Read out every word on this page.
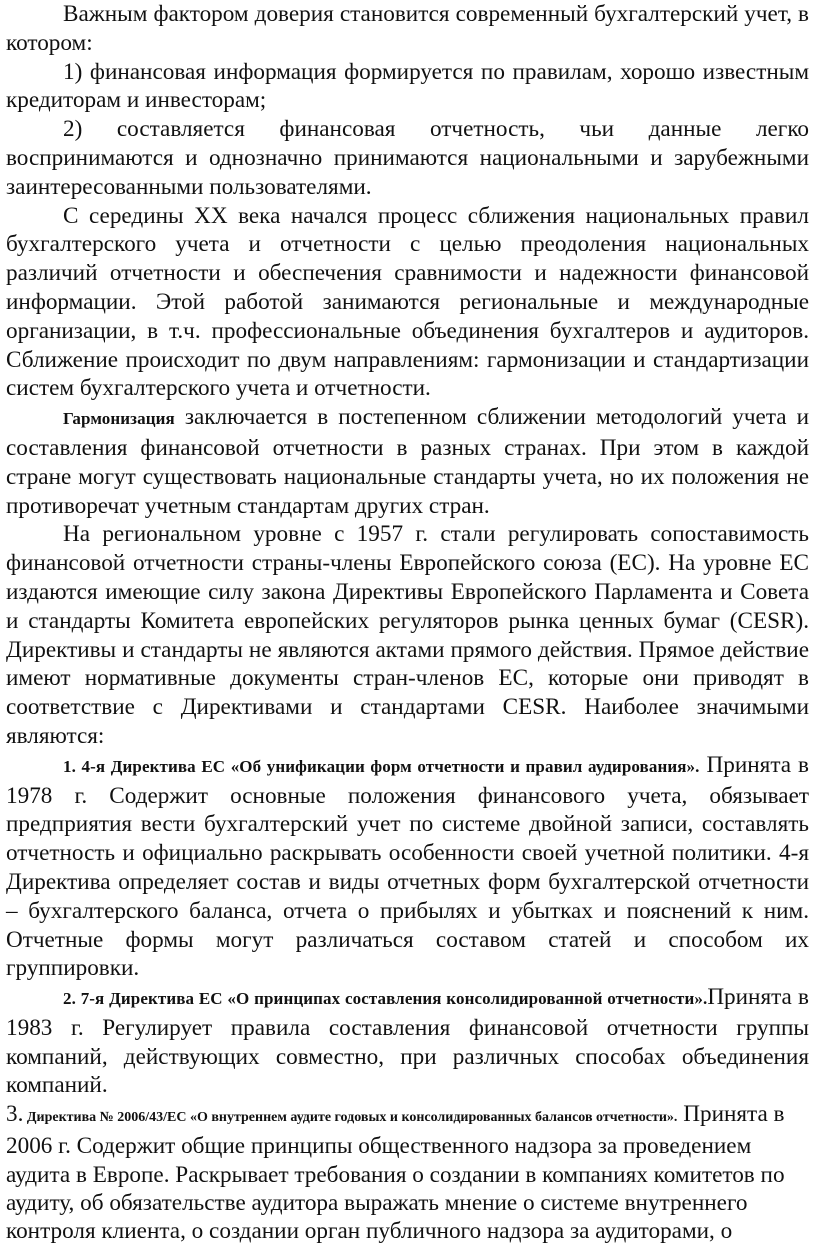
Важным фактором доверия становится современный бухгалтерский учет, в котором:

1) финансовая информация формируется по правилам, хорошо известным кредиторам и инвесторам;

2) составляется финансовая отчетность, чьи данные легко воспринимаются и однозначно принимаются национальными и зарубежными заинтересованными пользователями.

С середины XX века начался процесс сближения национальных правил бухгалтерского учета и отчетности с целью преодоления национальных различий отчетности и обеспечения сравнимости и надежности финансовой информации. Этой работой занимаются региональные и международные организации, в т.ч. профессиональные объединения бухгалтеров и аудиторов. Сближение происходит по двум направлениям: гармонизации и стандартизации систем бухгалтерского учета и отчетности.

Гармонизация заключается в постепенном сближении методологий учета и составления финансовой отчетности в разных странах. При этом в каждой стране могут существовать национальные стандарты учета, но их положения не противоречат учетным стандартам других стран.

На региональном уровне с 1957 г. стали регулировать сопоставимость финансовой отчетности страны-члены Европейского союза (ЕС). На уровне ЕС издаются имеющие силу закона Директивы Европейского Парламента и Совета и стандарты Комитета европейских регуляторов рынка ценных бумаг (CESR). Директивы и стандарты не являются актами прямого действия. Прямое действие имеют нормативные документы стран-членов ЕС, которые они приводят в соответствие с Директивами и стандартами CESR. Наиболее значимыми являются:

1. 4-я Директива ЕС «Об унификации форм отчетности и правил аудирования». Принята в 1978 г. Содержит основные положения финансового учета, обязывает предприятия вести бухгалтерский учет по системе двойной записи, составлять отчетность и официально раскрывать особенности своей учетной политики. 4-я Директива определяет состав и виды отчетных форм бухгалтерской отчетности – бухгалтерского баланса, отчета о прибылях и убытках и пояснений к ним. Отчетные формы могут различаться составом статей и способом их группировки.

2. 7-я Директива ЕС «О принципах составления консолидированной отчетности».Принята в 1983 г. Регулирует правила составления финансовой отчетности группы компаний, действующих совместно, при различных способах объединения компаний.

3. Директива № 2006/43/ЕС «О внутреннем аудите годовых и консолидированных балансов отчетности». Принята в 2006 г. Содержит общие принципы общественного надзора за проведением аудита в Европе. Раскрывает требования о создании в компаниях комитетов по аудиту, об обязательстве аудитора выражать мнение о системе внутреннего контроля клиента, о создании орган публичного надзора за аудиторами, о
